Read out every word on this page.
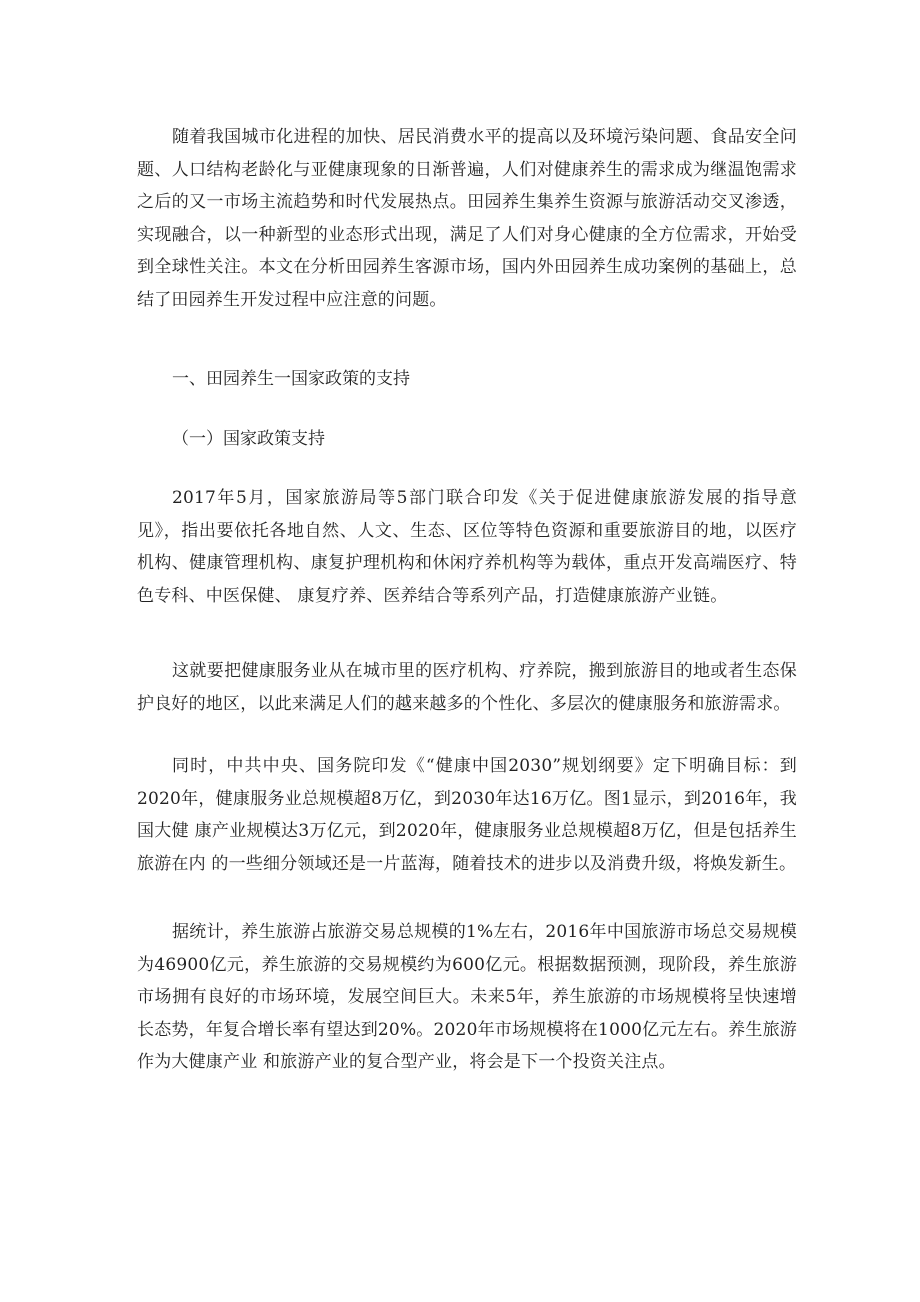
随着我国城市化进程的加快、居民消费水平的提高以及环境污染问题、食品安全问题、人口结构老龄化与亚健康现象的日渐普遍，人们对健康养生的需求成为继温饱需求之后的又一市场主流趋势和时代发展热点。田园养生集养生资源与旅游活动交叉渗透，实现融合，以一种新型的业态形式出现，满足了人们对身心健康的全方位需求，开始受到全球性关注。本文在分析田园养生客源市场，国内外田园养生成功案例的基础上，总结了田园养生开发过程中应注意的问题。

一、田园养生一国家政策的支持

（一）国家政策支持

2017年5月，国家旅游局等5部门联合印发《关于促进健康旅游发展的指导意见》，指出要依托各地自然、人文、生态、区位等特色资源和重要旅游目的地，以医疗机构、健康管理机构、康复护理机构和休闲疗养机构等为载体，重点开发高端医疗、特色专科、中医保健、 康复疗养、医养结合等系列产品，打造健康旅游产业链。

这就要把健康服务业从在城市里的医疗机构、疗养院，搬到旅游目的地或者生态保护良好的地区，以此来满足人们的越来越多的个性化、多层次的健康服务和旅游需求。

同时，中共中央、国务院印发《“健康中国2030”规划纲要》定下明确目标：到2020年，健康服务业总规模超8万亿，到2030年达16万亿。图1显示，到2016年，我国大健 康产业规模达3万亿元，到2020年，健康服务业总规模超8万亿，但是包括养生旅游在内 的一些细分领域还是一片蓝海，随着技术的进步以及消费升级，将焕发新生。

据统计，养生旅游占旅游交易总规模的1%左右，2016年中国旅游市场总交易规模为46900亿元，养生旅游的交易规模约为600亿元。根据数据预测，现阶段，养生旅游市场拥有良好的市场环境，发展空间巨大。未来5年，养生旅游的市场规模将呈快速增长态势，年复合增长率有望达到20%。2020年市场规模将在1000亿元左右。养生旅游作为大健康产业 和旅游产业的复合型产业，将会是下一个投资关注点。
